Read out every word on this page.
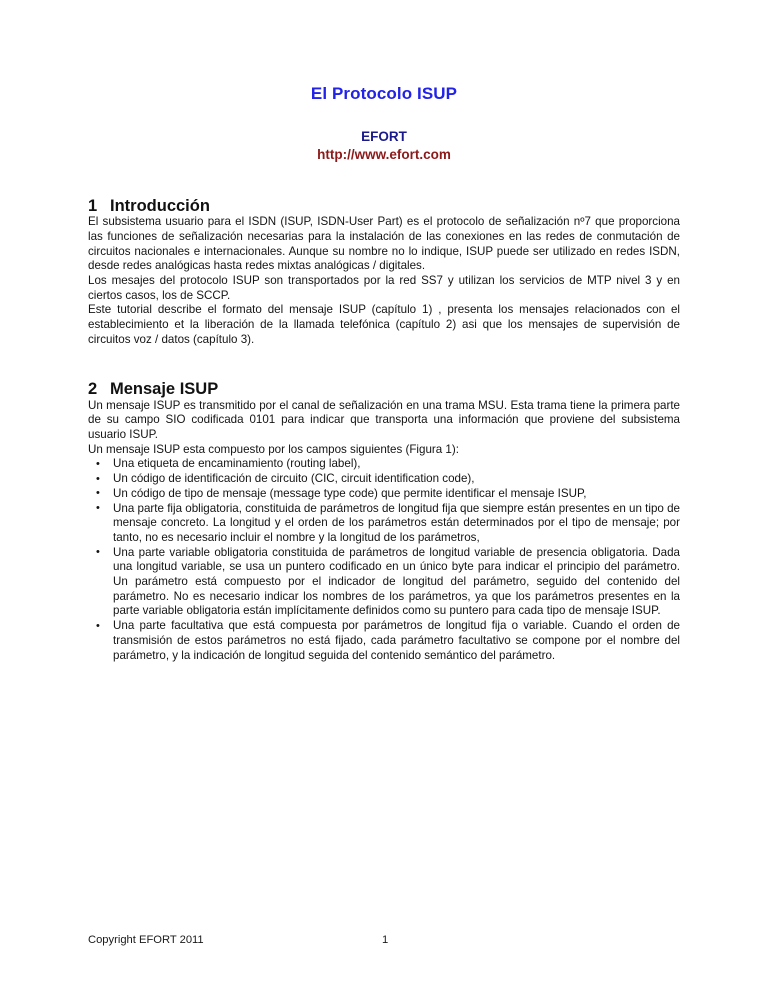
El Protocolo ISUP
EFORT
http://www.efort.com
1 Introducción

El subsistema usuario para el ISDN (ISUP, ISDN-User Part) es el protocolo de señalización nº7 que proporciona las funciones de señalización necesarias para la instalación de las conexiones en las redes de conmutación de circuitos nacionales e internacionales. Aunque su nombre no lo indique, ISUP puede ser utilizado en redes ISDN, desde redes analógicas hasta redes mixtas analógicas / digitales.

Los mesajes del protocolo ISUP son transportados por la red SS7 y utilizan los servicios de MTP nivel 3 y en ciertos casos, los de SCCP.

Este tutorial describe el formato del mensaje ISUP (capítulo 1) , presenta los mensajes relacionados con el establecimiento et la liberación de la llamada telefónica (capítulo 2) asi que los mensajes de supervisión de circuitos voz / datos (capítulo 3).

2 Mensaje ISUP

Un mensaje ISUP es transmitido por el canal de señalización en una trama MSU. Esta trama tiene la primera parte de su campo SIO codificada 0101 para indicar que transporta una información que proviene del subsistema usuario ISUP.

Un mensaje ISUP esta compuesto por los campos siguientes (Figura 1):

• Una etiqueta de encaminamiento (routing label),
• Un código de identificación de circuito (CIC, circuit identification code),
• Un código de tipo de mensaje (message type code) que permite identificar el mensaje ISUP,
• Una parte fija obligatoria, constituida de parámetros de longitud fija que siempre están presentes en un tipo de mensaje concreto. La longitud y el orden de los parámetros están determinados por el tipo de mensaje; por tanto, no es necesario incluir el nombre y la longitud de los parámetros,
• Una parte variable obligatoria constituida de parámetros de longitud variable de presencia obligatoria. Dada una longitud variable, se usa un puntero codificado en un único byte para indicar el principio del parámetro. Un parámetro está compuesto por el indicador de longitud del parámetro, seguido del contenido del parámetro. No es necesario indicar los nombres de los parámetros, ya que los parámetros presentes en la parte variable obligatoria están implícitamente definidos como su puntero para cada tipo de mensaje ISUP.
• Una parte facultativa que está compuesta por parámetros de longitud fija o variable. Cuando el orden de transmisión de estos parámetros no está fijado, cada parámetro facultativo se compone por el nombre del parámetro, y la indicación de longitud seguida del contenido semántico del parámetro.
Copyright EFORT 2011	1
